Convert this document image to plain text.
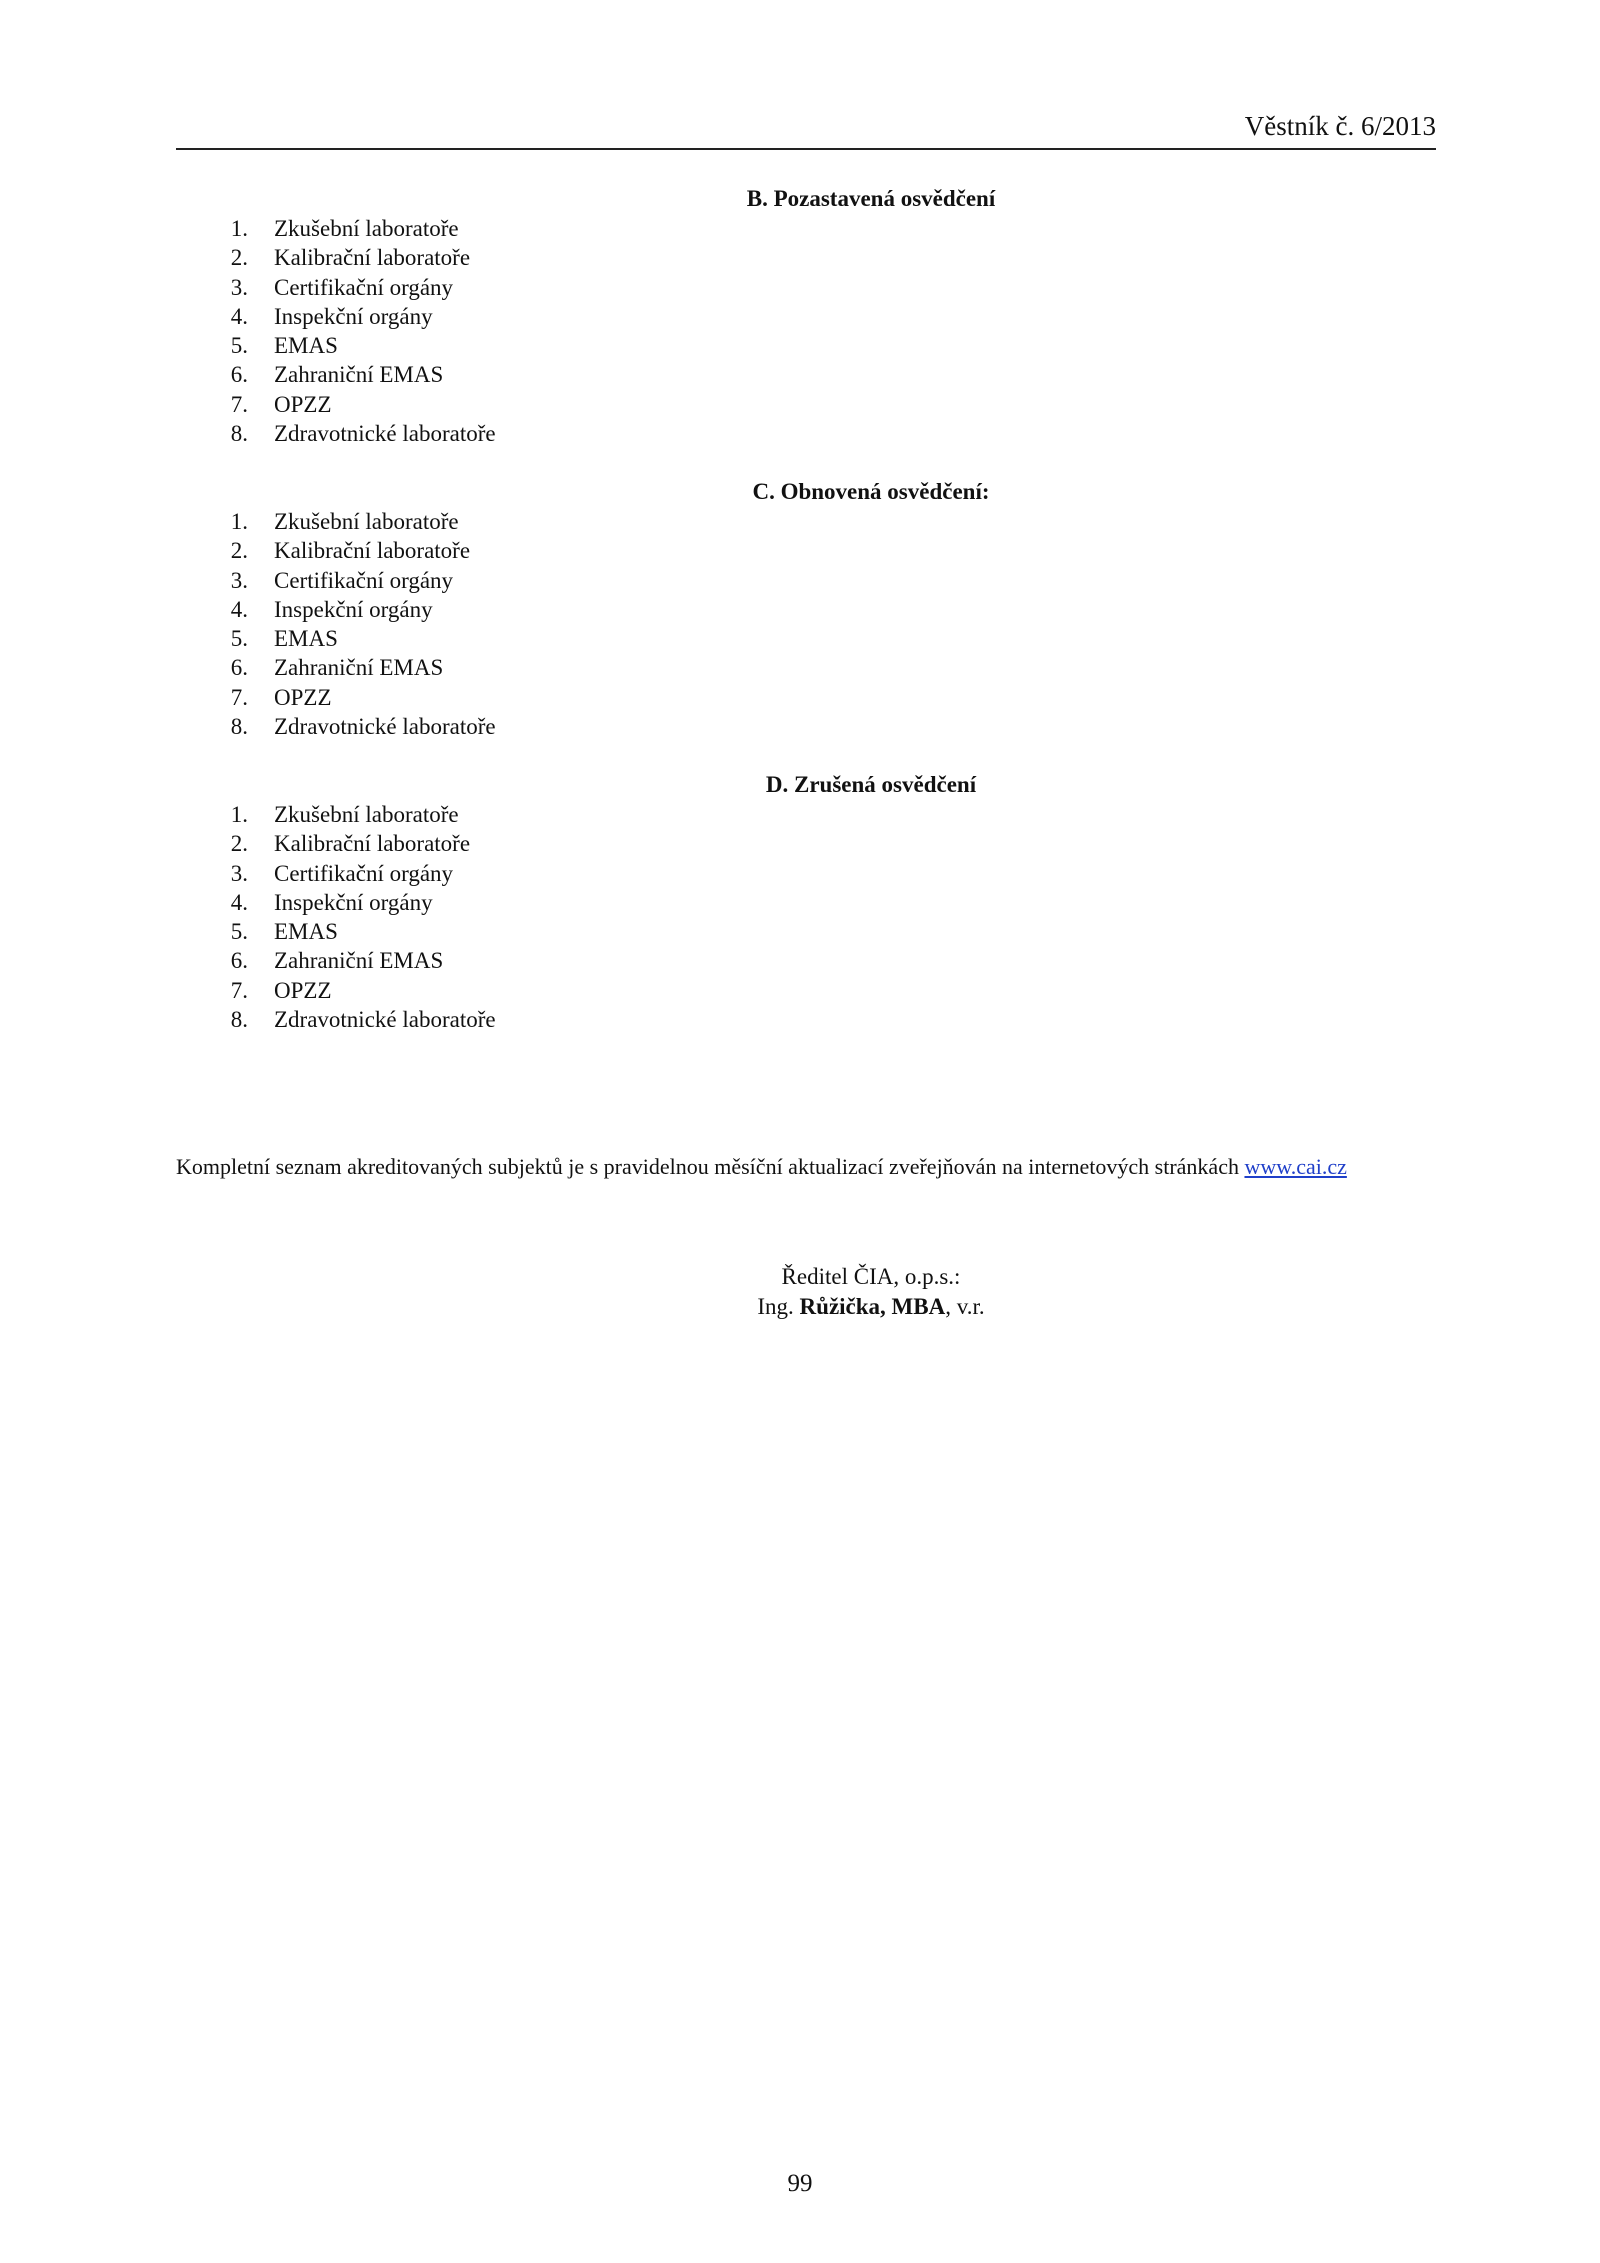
Věstník č. 6/2013
B. Pozastavená osvědčení
1. Zkušební laboratoře
2. Kalibrační laboratoře
3. Certifikační orgány
4. Inspekční orgány
5. EMAS
6. Zahraniční EMAS
7. OPZZ
8. Zdravotnické laboratoře
C. Obnovená osvědčení:
1. Zkušební laboratoře
2. Kalibrační laboratoře
3. Certifikační orgány
4. Inspekční orgány
5. EMAS
6. Zahraniční EMAS
7. OPZZ
8. Zdravotnické laboratoře
D. Zrušená osvědčení
1. Zkušební laboratoře
2. Kalibrační laboratoře
3. Certifikační orgány
4. Inspekční orgány
5. EMAS
6. Zahraniční EMAS
7. OPZZ
8. Zdravotnické laboratoře
Kompletní seznam akreditovaných subjektů je s pravidelnou měsíční aktualizací zveřejňován na internetových stránkách www.cai.cz
Ředitel ČIA, o.p.s.:
Ing. Růžička, MBA, v.r.
99
